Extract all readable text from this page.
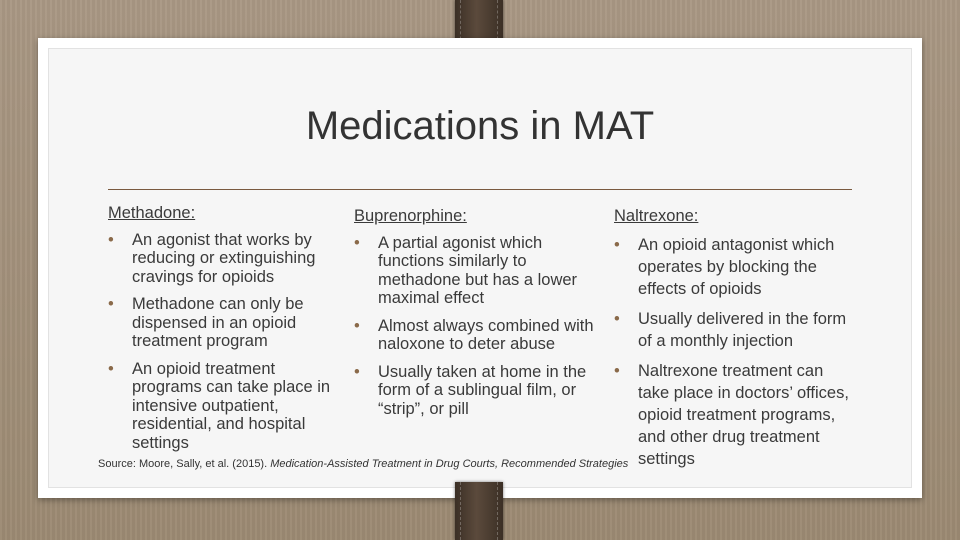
Medications in MAT
Methadone:
• An agonist that works by reducing or extinguishing cravings for opioids
• Methadone can only be dispensed in an opioid treatment program
• An opioid treatment programs can take place in intensive outpatient, residential, and hospital settings
Buprenorphine:
• A partial agonist which functions similarly to methadone but has a lower maximal effect
• Almost always combined with naloxone to deter abuse
• Usually taken at home in the form of a sublingual film, or “strip”, or pill
Naltrexone:
• An opioid antagonist which operates by blocking the effects of opioids
• Usually delivered in the form of a monthly injection
• Naltrexone treatment can take place in doctors’ offices, opioid treatment programs, and other drug treatment settings
Source: Moore, Sally, et al. (2015). Medication-Assisted Treatment in Drug Courts, Recommended Strategies
